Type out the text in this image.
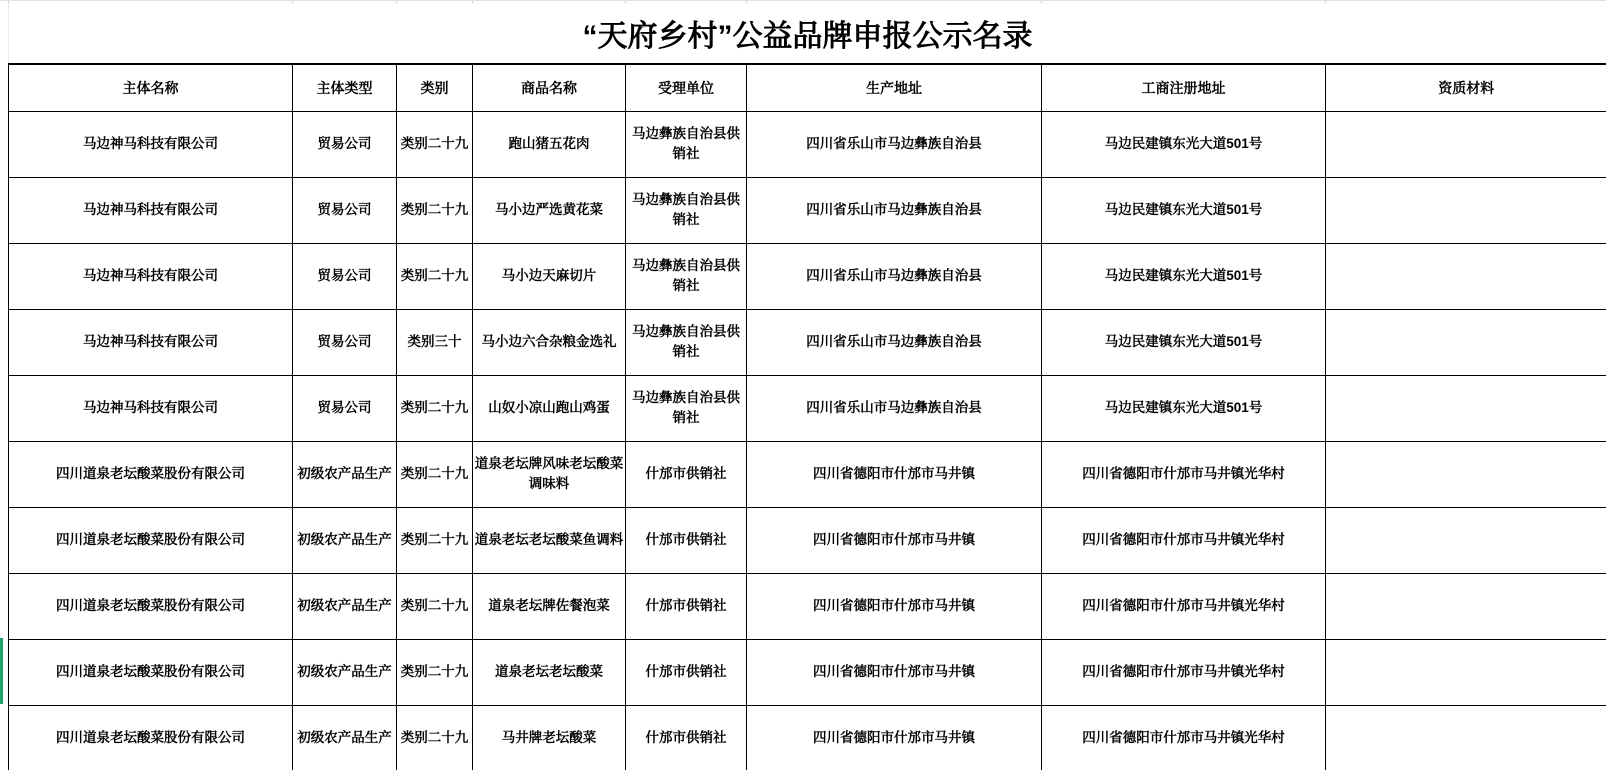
“天府乡村”公益品牌申报公示名录
主体名称	主体类型	类别	商品名称	受理单位	生产地址	工商注册地址	资质材料
马边神马科技有限公司	贸易公司	类别二十九	跑山猪五花肉	马边彝族自治县供销社	四川省乐山市马边彝族自治县	马边民建镇东光大道501号	
马边神马科技有限公司	贸易公司	类别二十九	马小边严选黄花菜	马边彝族自治县供销社	四川省乐山市马边彝族自治县	马边民建镇东光大道501号	
马边神马科技有限公司	贸易公司	类别二十九	马小边天麻切片	马边彝族自治县供销社	四川省乐山市马边彝族自治县	马边民建镇东光大道501号	
马边神马科技有限公司	贸易公司	类别三十	马小边六合杂粮金选礼	马边彝族自治县供销社	四川省乐山市马边彝族自治县	马边民建镇东光大道501号	
马边神马科技有限公司	贸易公司	类别二十九	山奴小凉山跑山鸡蛋	马边彝族自治县供销社	四川省乐山市马边彝族自治县	马边民建镇东光大道501号	
四川道泉老坛酸菜股份有限公司	初级农产品生产	类别二十九	道泉老坛牌风味老坛酸菜调味料	什邡市供销社	四川省德阳市什邡市马井镇	四川省德阳市什邡市马井镇光华村	
四川道泉老坛酸菜股份有限公司	初级农产品生产	类别二十九	道泉老坛老坛酸菜鱼调料	什邡市供销社	四川省德阳市什邡市马井镇	四川省德阳市什邡市马井镇光华村	
四川道泉老坛酸菜股份有限公司	初级农产品生产	类别二十九	道泉老坛牌佐餐泡菜	什邡市供销社	四川省德阳市什邡市马井镇	四川省德阳市什邡市马井镇光华村	
四川道泉老坛酸菜股份有限公司	初级农产品生产	类别二十九	道泉老坛老坛酸菜	什邡市供销社	四川省德阳市什邡市马井镇	四川省德阳市什邡市马井镇光华村	
四川道泉老坛酸菜股份有限公司	初级农产品生产	类别二十九	马井牌老坛酸菜	什邡市供销社	四川省德阳市什邡市马井镇	四川省德阳市什邡市马井镇光华村	
